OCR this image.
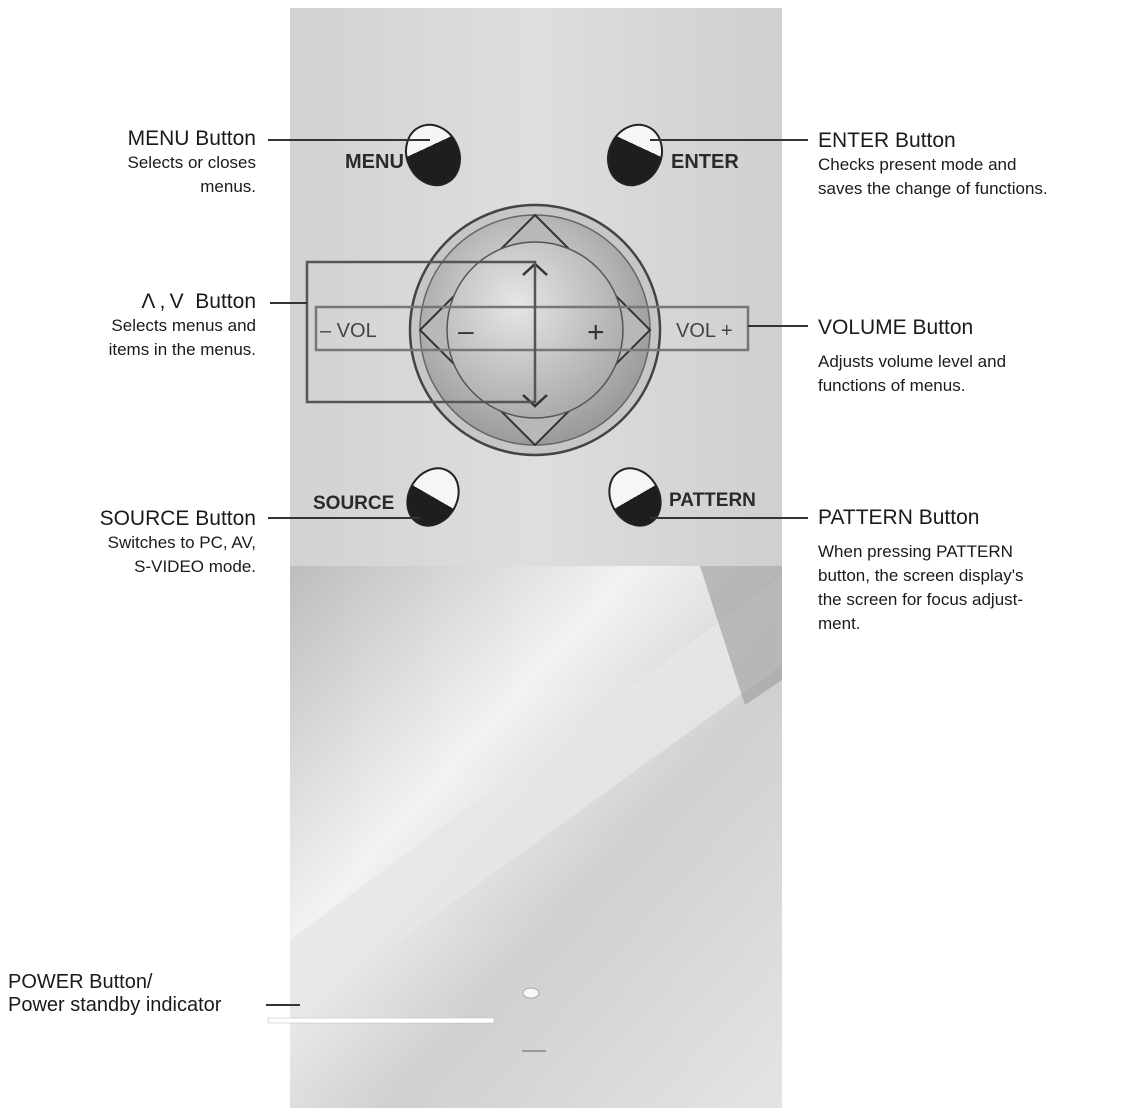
MENU	ENTER
–	+
– VOL	VOL +
SOURCE	PATTERN
MENU Button
Selects or closes
menus.
ENTER Button
Checks present mode and
saves the change of functions.
Λ , V  Button
Selects menus and
items in the menus.
VOLUME Button
Adjusts volume level and
functions of menus.
SOURCE Button
Switches to PC, AV,
S-VIDEO mode.
PATTERN Button
When pressing PATTERN
button, the screen display's
the screen for focus adjust-
ment.
POWER Button/
Power standby indicator
